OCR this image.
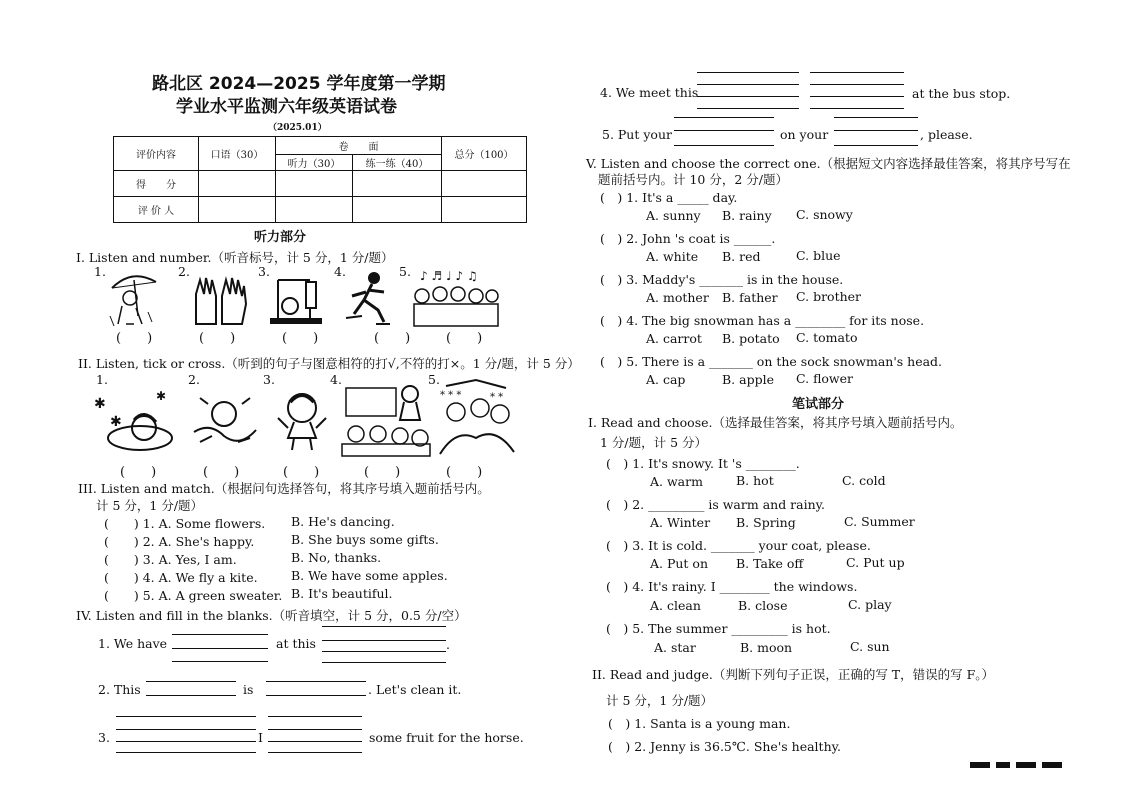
路北区 2024—2025 学年度第一学期
学业水平监测六年级英语试卷
（2025.01）
评价内容	口语（30）	卷　　面		总分（100）
		听力（30）	练一练（40）	
得　　分				
评 价 人				
听力部分
I. Listen and number.（听音标号，计 5 分，1 分/题）
1.	2.	3.	4.	5. ♪ ♬ ♩ ♪ ♫
(　　)	(　　)	(　　)	(　　)	(　　)
II. Listen, tick or cross.（听到的句子与图意相符的打√,不符的打×。1 分/题，计 5 分）
1.	2.	3.	4.	5.
✱	✱
✱
* * *	* *
(　　)	(　　)	(　　)	(　　)	(　　)
III. Listen and match.（根据问句选择答句，将其序号填入题前括号内。
计 5 分，1 分/题）
(　　) 1. A. Some flowers. B. He's dancing.
(　　) 2. A. She's happy.	B. She buys some gifts.
(　　) 3. A. Yes, I am.	B. No, thanks.
(　　) 4. A. We fly a kite.	B. We have some apples.
(　　) 5. A. A green sweater. B. It's beautiful.
IV. Listen and fill in the blanks.（听音填空，计 5 分，0.5 分/空）
1. We have	at this	.
2. This	is	. Let's clean it.
3.	I	some fruit for the horse.
4. We meet this	at the bus stop.
5. Put your	on your	, please.
V. Listen and choose the correct one.（根据短文内容选择最佳答案，将其序号写在
题前括号内。计 10 分，2 分/题）
(　) 1. It's a _____ day.
A. sunny B. rainy C. snowy
(　) 2. John 's coat is ______.
A. white B. red	C. blue
(　) 3. Maddy's _______ is in the house.
A. mother B. father C. brother
(　) 4. The big snowman has a ________ for its nose.
A. carrot B. potato C. tomato
(　) 5. There is a _______ on the sock snowman's head.
A. cap	B. apple C. flower
笔试部分
I. Read and choose.（选择最佳答案，将其序号填入题前括号内。
1 分/题，计 5 分）
(　) 1. It's snowy. It 's ________.
A. warm	B. hot	C. cold
(　) 2. _________ is warm and rainy.
A. Winter B. Spring	C. Summer
(　) 3. It is cold. _______ your coat, please.
A. Put on B. Take off	C. Put up
(　) 4. It's rainy. I ________ the windows.
A. clean	B. close	C. play
(　) 5. The summer _________ is hot.
A. star	B. moon	C. sun
II. Read and judge.（判断下列句子正误，正确的写 T，错误的写 F。）
计 5 分，1 分/题）
(　) 1. Santa is a young man.
(　) 2. Jenny is 36.5℃. She's healthy.
